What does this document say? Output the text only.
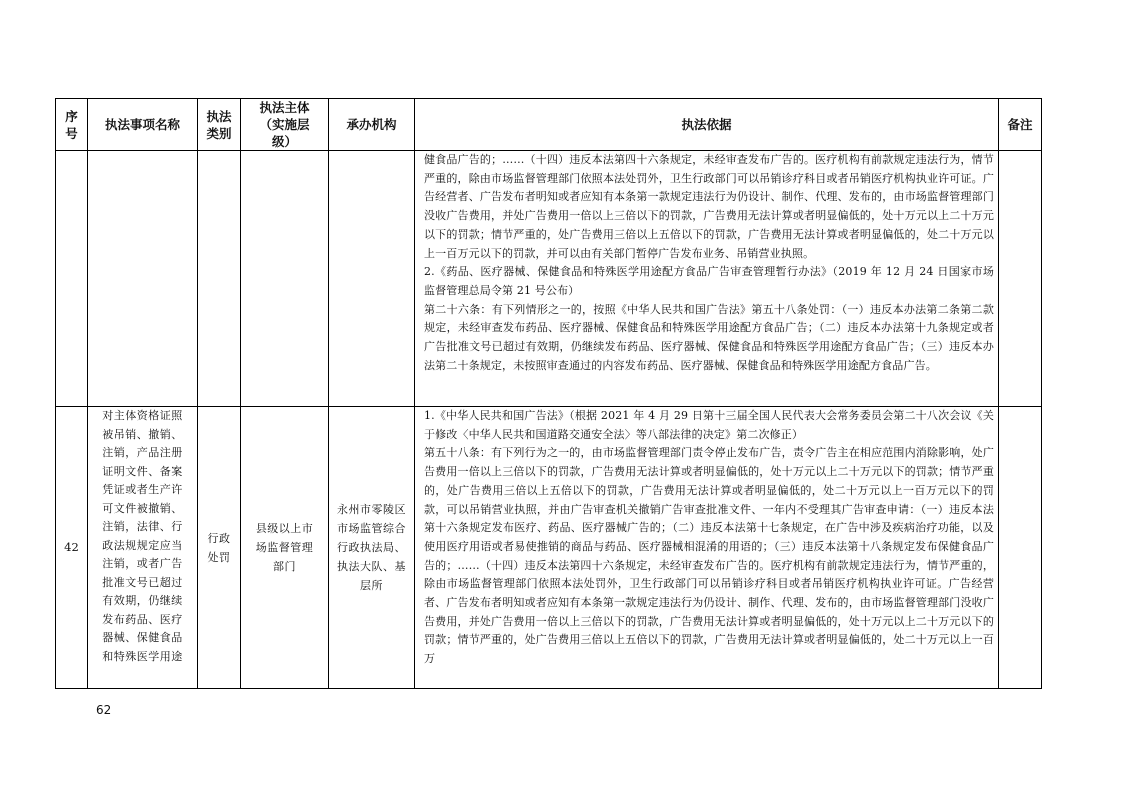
序号	执法事项名称	执法类别	执法主体（实施层级）	承办机构	执法依据	备注

					健食品广告的；……（十四）违反本法第四十六条规定，未经审查发布广告的。医疗机构有前款规定违法行为，情节严重的，除由市场监督管理部门依照本法处罚外，卫生行政部门可以吊销诊疗科目或者吊销医疗机构执业许可证。广告经营者、广告发布者明知或者应知有本条第一款规定违法行为仍设计、制作、代理、发布的，由市场监督管理部门没收广告费用，并处广告费用一倍以上三倍以下的罚款，广告费用无法计算或者明显偏低的，处十万元以上二十万元以下的罚款；情节严重的，处广告费用三倍以上五倍以下的罚款，广告费用无法计算或者明显偏低的，处二十万元以上一百万元以下的罚款，并可以由有关部门暂停广告发布业务、吊销营业执照。

2.《药品、医疗器械、保健食品和特殊医学用途配方食品广告审查管理暂行办法》（2019 年 12 月 24 日国家市场监督管理总局令第 21 号公布）

第二十六条：有下列情形之一的，按照《中华人民共和国广告法》第五十八条处罚：（一）违反本办法第二条第二款规定，未经审查发布药品、医疗器械、保健食品和特殊医学用途配方食品广告；（二）违反本办法第十九条规定或者广告批准文号已超过有效期，仍继续发布药品、医疗器械、保健食品和特殊医学用途配方食品广告；（三）违反本办法第二十条规定，未按照审查通过的内容发布药品、医疗器械、保健食品和特殊医学用途配方食品广告。	

42	对主体资格证照被吊销、撤销、注销，产品注册证明文件、备案凭证或者生产许可文件被撤销、注销，法律、行政法规规定应当注销，或者广告批准文号已超过有效期，仍继续发布药品、医疗器械、保健食品和特殊医学用途	行政处罚	县级以上市场监督管理部门	永州市零陵区市场监管综合行政执法局、执法大队、基层所	1.《中华人民共和国广告法》（根据 2021 年 4 月 29 日第十三届全国人民代表大会常务委员会第二十八次会议《关于修改〈中华人民共和国道路交通安全法〉等八部法律的决定》第二次修正）

第五十八条：有下列行为之一的，由市场监督管理部门责令停止发布广告，责令广告主在相应范围内消除影响，处广告费用一倍以上三倍以下的罚款，广告费用无法计算或者明显偏低的，处十万元以上二十万元以下的罚款；情节严重的，处广告费用三倍以上五倍以下的罚款，广告费用无法计算或者明显偏低的，处二十万元以上一百万元以下的罚款，可以吊销营业执照，并由广告审查机关撤销广告审查批准文件、一年内不受理其广告审查申请：（一）违反本法第十六条规定发布医疗、药品、医疗器械广告的；（二）违反本法第十七条规定，在广告中涉及疾病治疗功能，以及使用医疗用语或者易使推销的商品与药品、医疗器械相混淆的用语的；（三）违反本法第十八条规定发布保健食品广告的；……（十四）违反本法第四十六条规定，未经审查发布广告的。医疗机构有前款规定违法行为，情节严重的，除由市场监督管理部门依照本法处罚外，卫生行政部门可以吊销诊疗科目或者吊销医疗机构执业许可证。广告经营者、广告发布者明知或者应知有本条第一款规定违法行为仍设计、制作、代理、发布的，由市场监督管理部门没收广告费用，并处广告费用一倍以上三倍以下的罚款，广告费用无法计算或者明显偏低的，处十万元以上二十万元以下的罚款；情节严重的，处广告费用三倍以上五倍以下的罚款，广告费用无法计算或者明显偏低的，处二十万元以上一百万	

62
